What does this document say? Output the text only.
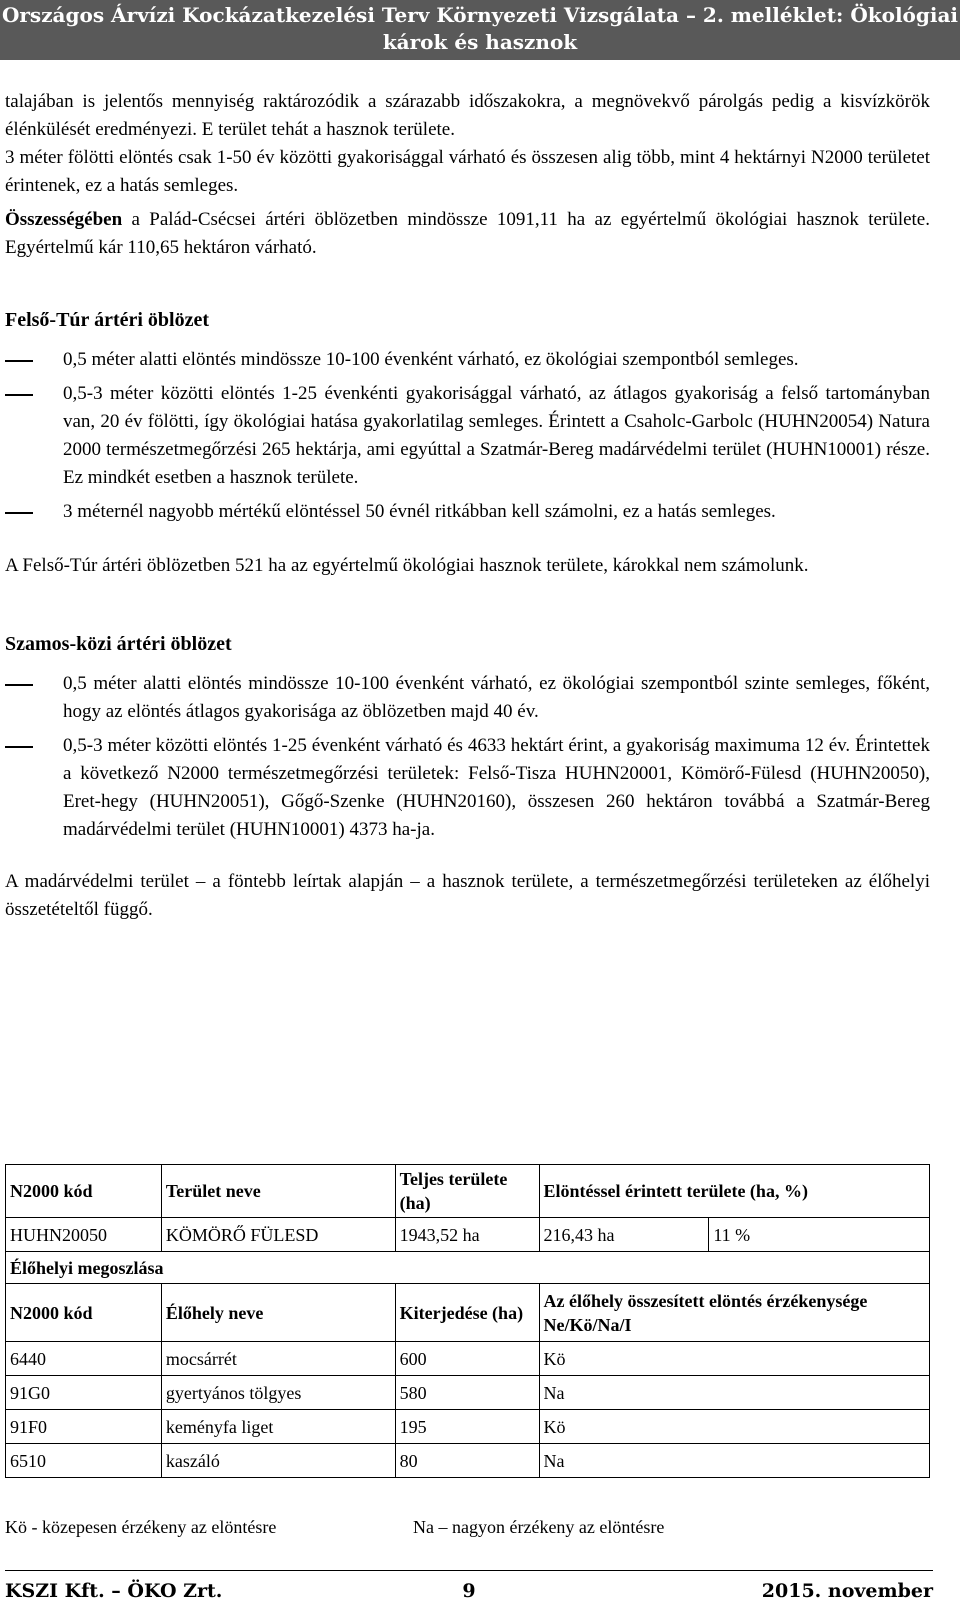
Országos Árvízi Kockázatkezelési Terv Környezeti Vizsgálata – 2. melléklet: Ökológiai
károk és hasznok

talajában is jelentős mennyiség raktározódik a szárazabb időszakokra, a megnövekvő párolgás pedig a kisvízkörök élénkülését eredményezi. E terület tehát a hasznok területe.

3 méter fölötti elöntés csak 1-50 év közötti gyakorisággal várható és összesen alig több, mint 4 hektárnyi N2000 területet érintenek, ez a hatás semleges.

Összességében a Palád-Csécsei ártéri öblözetben mindössze 1091,11 ha az egyértelmű ökológiai hasznok területe. Egyértelmű kár 110,65 hektáron várható.

Felső-Túr ártéri öblözet

0,5 méter alatti elöntés mindössze 10-100 évenként várható, ez ökológiai szempontból semleges.
0,5-3 méter közötti elöntés 1-25 évenkénti gyakorisággal várható, az átlagos gyakoriság a felső tartományban van, 20 év fölötti, így ökológiai hatása gyakorlatilag semleges. Érintett a Csaholc-Garbolc (HUHN20054) Natura 2000 természetmegőrzési 265 hektárja, ami egyúttal a Szatmár-Bereg madárvédelmi terület (HUHN10001) része. Ez mindkét esetben a hasznok területe.
3 méternél nagyobb mértékű elöntéssel 50 évnél ritkábban kell számolni, ez a hatás semleges.

A Felső-Túr ártéri öblözetben 521 ha az egyértelmű ökológiai hasznok területe, károkkal nem számolunk.

Szamos-közi ártéri öblözet

0,5 méter alatti elöntés mindössze 10-100 évenként várható, ez ökológiai szempontból szinte semleges, főként, hogy az elöntés átlagos gyakorisága az öblözetben majd 40 év.
0,5-3 méter közötti elöntés 1-25 évenként várható és 4633 hektárt érint, a gyakoriság maximuma 12 év. Érintettek a következő N2000 természetmegőrzési területek: Felső-Tisza HUHN20001, Kömörő-Fülesd (HUHN20050), Eret-hegy (HUHN20051), Gőgő-Szenke (HUHN20160), összesen 260 hektáron továbbá a Szatmár-Bereg madárvédelmi terület (HUHN10001) 4373 ha-ja.

A madárvédelmi terület – a föntebb leírtak alapján – a hasznok területe, a természetmegőrzési területeken az élőhelyi összetételtől függő.

N2000 kód	Terület neve	Teljes területe (ha)	Elöntéssel érintett területe (ha, %)	
HUHN20050	KÖMÖRŐ FÜLESD	1943,52 ha	216,43 ha	11 %
Élőhelyi megoszlása				
N2000 kód	Élőhely neve	Kiterjedése (ha)	Az élőhely összesített elöntés érzékenysége Ne/Kö/Na/I	
6440	mocsárrét	600	Kö	
91G0	gyertyános tölgyes	580	Na	
91F0	keményfa liget	195	Kö	
6510	kaszáló	80	Na	
Kö - közepesen érzékeny az elöntésre	Na – nagyon érzékeny az elöntésre
KSZI Kft. – ÖKO Zrt.	9	2015. november
